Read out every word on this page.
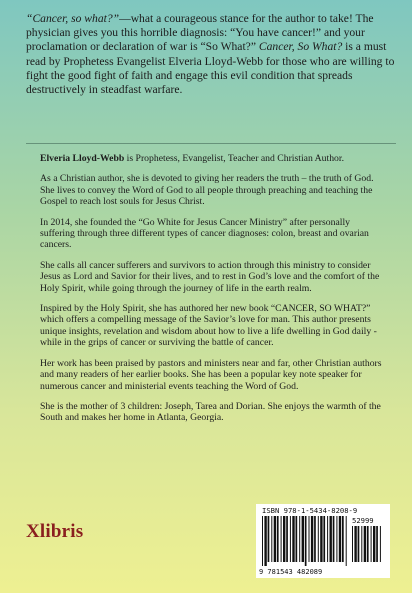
“Cancer, so what?”—what a courageous stance for the author to take! The physician gives you this horrible diagnosis: “You have cancer!” and your proclamation or declaration of war is “So What?” Cancer, So What? is a must read by Prophetess Evangelist Elveria Lloyd-Webb for those who are willing to fight the good fight of faith and engage this evil condition that spreads destructively in steadfast warfare.

Elveria Lloyd-Webb is Prophetess, Evangelist, Teacher and Christian Author.

As a Christian author, she is devoted to giving her readers the truth – the truth of God. She lives to convey the Word of God to all people through preaching and teaching the Gospel to reach lost souls for Jesus Christ.

In 2014, she founded the “Go White for Jesus Cancer Ministry” after personally suffering through three different types of cancer diagnoses: colon, breast and ovarian cancers.

She calls all cancer sufferers and survivors to action through this ministry to consider Jesus as Lord and Savior for their lives, and to rest in God’s love and the comfort of the Holy Spirit, while going through the journey of life in the earth realm.

Inspired by the Holy Spirit, she has authored her new book “CANCER, SO WHAT?” which offers a compelling message of the Savior’s love for man. This author presents unique insights, revelation and wisdom about how to live a life dwelling in God daily - while in the grips of cancer or surviving the battle of cancer.

Her work has been praised by pastors and ministers near and far, other Christian authors and many readers of her earlier books. She has been a popular key note speaker for numerous cancer and ministerial events teaching the Word of God.

She is the mother of 3 children: Joseph, Tarea and Dorian. She enjoys the warmth of the South and makes her home in Atlanta, Georgia.

Xlibris
ISBN 978-1-5434-8208-9
52999
9 781543 482089
